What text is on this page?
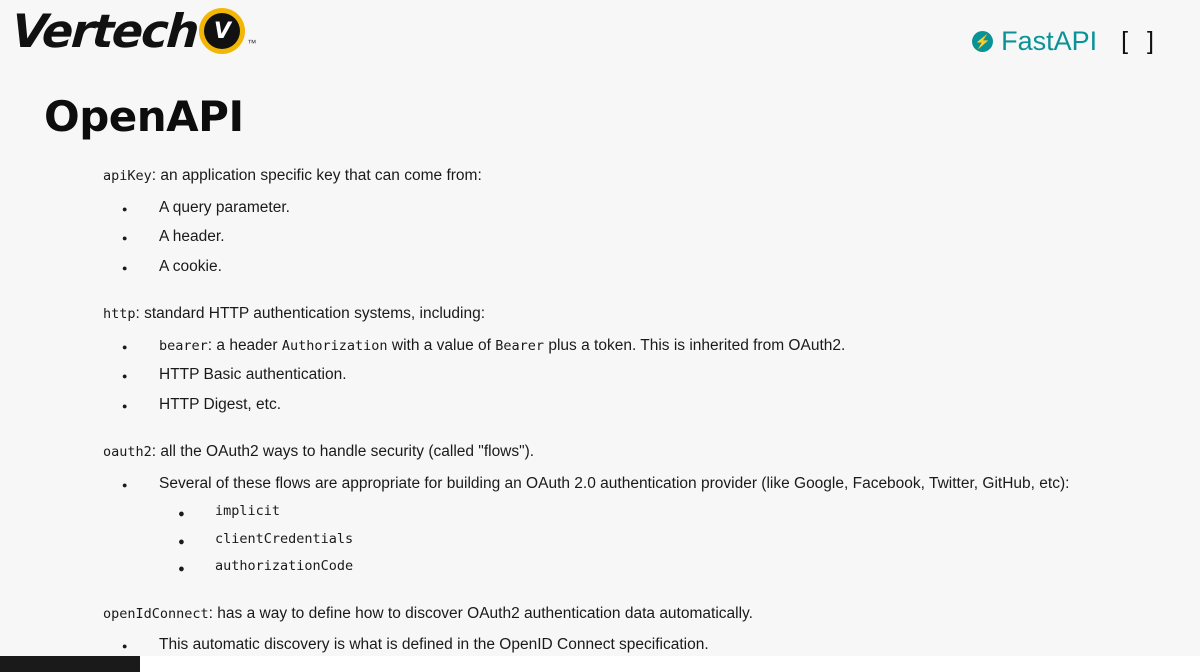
Vertech V	™	⚡ FastAPI [ ]
OpenAPI
● apiKey: an application specific key that can come from:
● A query parameter.
● A header.
● A cookie.
● http: standard HTTP authentication systems, including:
● bearer: a header Authorization with a value of Bearer plus a token. This is inherited from OAuth2.
● HTTP Basic authentication.
● HTTP Digest, etc.
● oauth2: all the OAuth2 ways to handle security (called "flows").
● Several of these flows are appropriate for building an OAuth 2.0 authentication provider (like Google, Facebook, Twitter, GitHub, etc):
● implicit
● clientCredentials
● authorizationCode
● openIdConnect: has a way to define how to discover OAuth2 authentication data automatically.
● This automatic discovery is what is defined in the OpenID Connect specification.
